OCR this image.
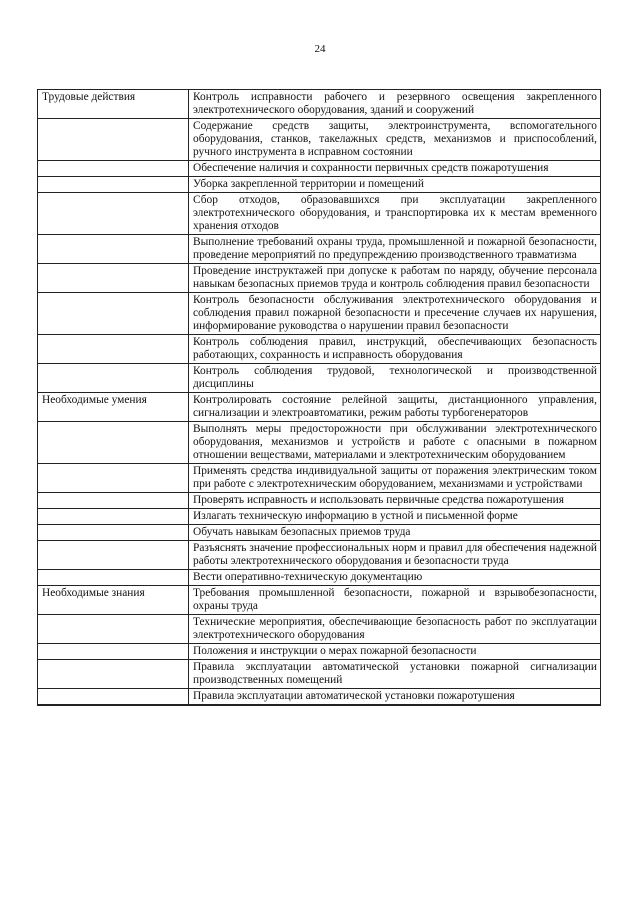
24
Трудовые действия	Контроль исправности рабочего и резервного освещения закрепленного электротехнического оборудования, зданий и сооружений
	Содержание средств защиты, электроинструмента, вспомогательного оборудования, станков, такелажных средств, механизмов и приспособлений, ручного инструмента в исправном состоянии
	Обеспечение наличия и сохранности первичных средств пожаротушения
	Уборка закрепленной территории и помещений
	Сбор отходов, образовавшихся при эксплуатации закрепленного электротехнического оборудования, и транспортировка их к местам временного хранения отходов
	Выполнение требований охраны труда, промышленной и пожарной безопасности, проведение мероприятий по предупреждению производственного травматизма
	Проведение инструктажей при допуске к работам по наряду, обучение персонала навыкам безопасных приемов труда и контроль соблюдения правил безопасности
	Контроль безопасности обслуживания электротехнического оборудования и соблюдения правил пожарной безопасности и пресечение случаев их нарушения, информирование руководства о нарушении правил безопасности
	Контроль соблюдения правил, инструкций, обеспечивающих безопасность работающих, сохранность и исправность оборудования
	Контроль соблюдения трудовой, технологической и производственной дисциплины
Необходимые умения	Контролировать состояние релейной защиты, дистанционного управления, сигнализации и электроавтоматики, режим работы турбогенераторов
	Выполнять меры предосторожности при обслуживании электротехнического оборудования, механизмов и устройств и работе с опасными в пожарном отношении веществами, материалами и электротехническим оборудованием
	Применять средства индивидуальной защиты от поражения электрическим током при работе с электротехническим оборудованием, механизмами и устройствами
	Проверять исправность и использовать первичные средства пожаротушения
	Излагать техническую информацию в устной и письменной форме
	Обучать навыкам безопасных приемов труда
	Разъяснять значение профессиональных норм и правил для обеспечения надежной работы электротехнического оборудования и безопасности труда
	Вести оперативно-техническую документацию
Необходимые знания	Требования промышленной безопасности, пожарной и взрывобезопасности, охраны труда
	Технические мероприятия, обеспечивающие безопасность работ по эксплуатации электротехнического оборудования
	Положения и инструкции о мерах пожарной безопасности
	Правила эксплуатации автоматической установки пожарной сигнализации производственных помещений
	Правила эксплуатации автоматической установки пожаротушения
